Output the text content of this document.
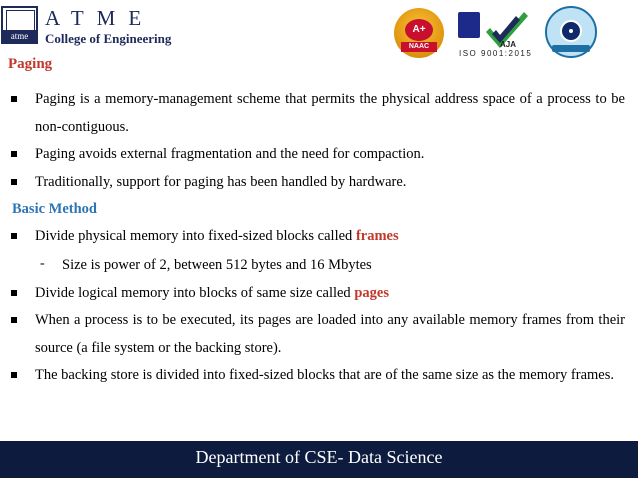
atme
ATME
College of Engineering
A+
NAAC	AJA
ISO 9001:2015
Paging
Paging is a memory-management scheme that permits the physical address space of a process to be non-contiguous.
Paging avoids external fragmentation and the need for compaction.
Traditionally, support for paging has been handled by hardware.
Basic Method
Divide physical memory into fixed-sized blocks called frames
- Size is power of 2, between 512 bytes and 16 Mbytes
Divide logical memory into blocks of same size called pages
When a process is to be executed, its pages are loaded into any available memory frames from their source (a file system or the backing store).
The backing store is divided into fixed-sized blocks that are of the same size as the memory frames.
Department of CSE- Data Science
